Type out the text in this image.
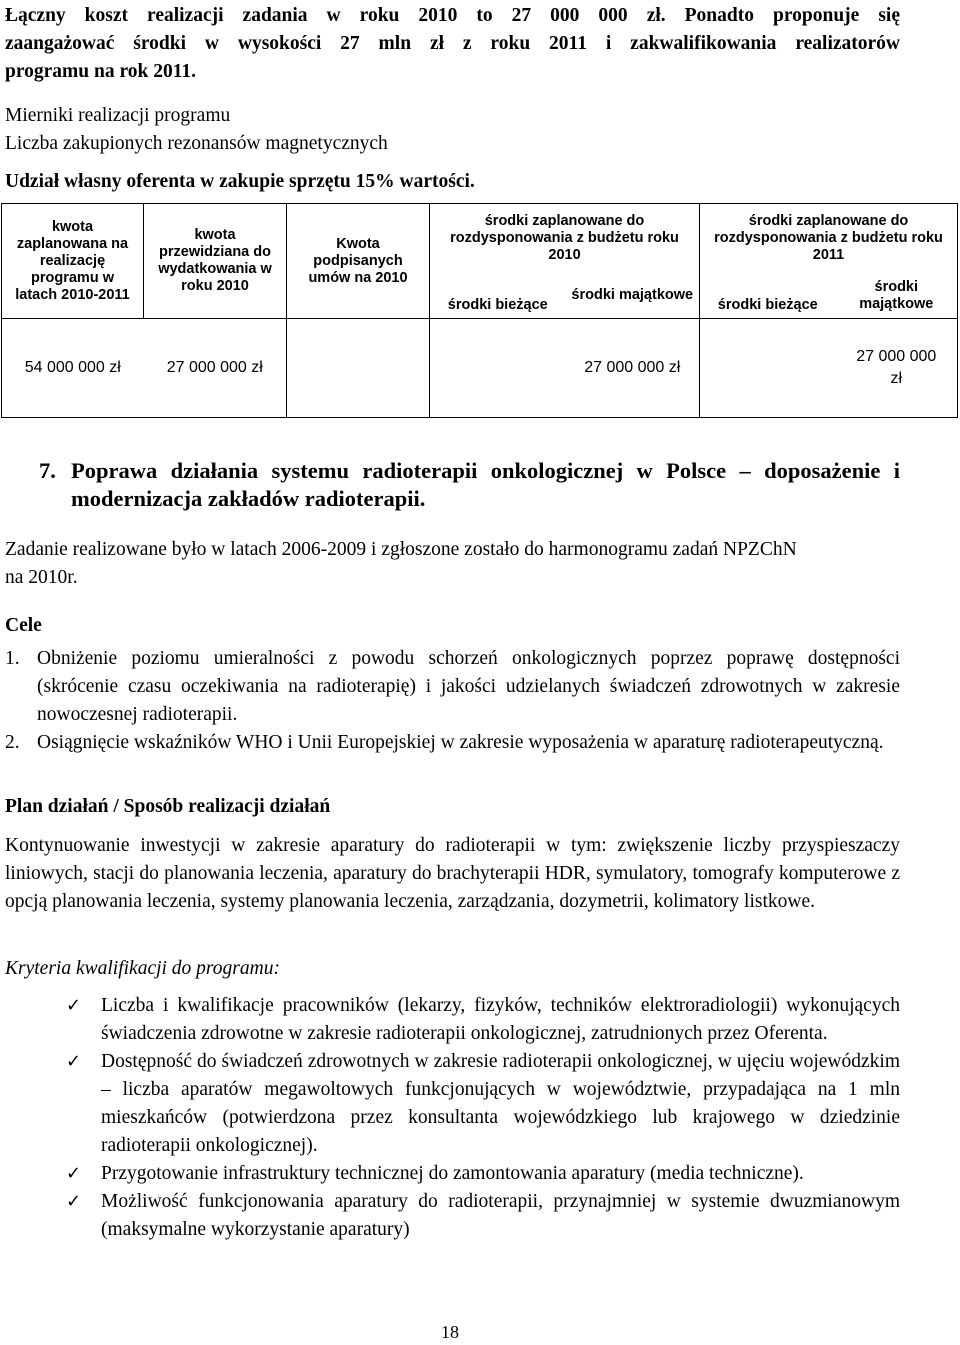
Łączny koszt realizacji zadania w roku 2010 to 27 000 000 zł. Ponadto proponuje się

zaangażować środki w wysokości 27 mln zł z roku 2011 i zakwalifikowania realizatorów

programu na rok 2011.

Mierniki realizacji programu

Liczba zakupionych rezonansów magnetycznych

Udział własny oferenta w zakupie sprzętu 15% wartości.

kwota zaplanowana na realizację programu w latach 2010-2011	kwota przewidziana do wydatkowania w roku 2010	Kwota podpisanych umów na 2010	środki zaplanowane do rozdysponowania z budżetu roku 2010		środki zaplanowane do rozdysponowania z budżetu roku 2011	
			środki bieżące	środki majątkowe	środki bieżące	środki majątkowe
54 000 000 zł	27 000 000 zł			27 000 000 zł		27 000 000 zł
7. Poprawa działania systemu radioterapii onkologicznej w Polsce – doposażenie i modernizacja zakładów radioterapii.

Zadanie realizowane było w latach 2006-2009 i zgłoszone zostało do harmonogramu zadań NPZChN

na 2010r.

Cele

1. Obniżenie poziomu umieralności z powodu schorzeń onkologicznych poprzez poprawę dostępności (skrócenie czasu oczekiwania na radioterapię) i jakości udzielanych świadczeń zdrowotnych w zakresie nowoczesnej radioterapii.
2. Osiągnięcie wskaźników WHO i Unii Europejskiej w zakresie wyposażenia w aparaturę radioterapeutyczną.

Plan działań / Sposób realizacji działań

Kontynuowanie inwestycji w zakresie aparatury do radioterapii w tym: zwiększenie liczby przyspieszaczy liniowych, stacji do planowania leczenia, aparatury do brachyterapii HDR, symulatory, tomografy komputerowe z opcją planowania leczenia, systemy planowania leczenia, zarządzania, dozymetrii, kolimatory listkowe.

Kryteria kwalifikacji do programu:

✓ Liczba i kwalifikacje pracowników (lekarzy, fizyków, techników elektroradiologii) wykonujących świadczenia zdrowotne w zakresie radioterapii onkologicznej, zatrudnionych przez Oferenta.
✓ Dostępność do świadczeń zdrowotnych w zakresie radioterapii onkologicznej, w ujęciu wojewódzkim – liczba aparatów megawoltowych funkcjonujących w województwie, przypadająca na 1 mln mieszkańców (potwierdzona przez konsultanta wojewódzkiego lub krajowego w dziedzinie radioterapii onkologicznej).
✓ Przygotowanie infrastruktury technicznej do zamontowania aparatury (media techniczne).
✓ Możliwość funkcjonowania aparatury do radioterapii, przynajmniej w systemie dwuzmianowym (maksymalne wykorzystanie aparatury)
18
